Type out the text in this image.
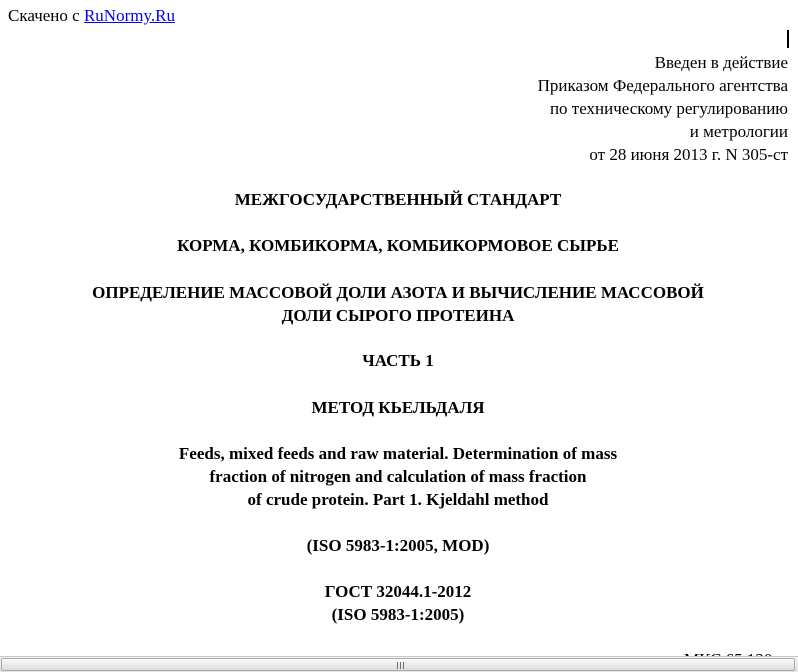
Скачено с RuNormy.Ru
Введен в действие
Приказом Федерального агентства
по техническому регулированию
и метрологии
от 28 июня 2013 г. N 305-ст
МЕЖГОСУДАРСТВЕННЫЙ СТАНДАРТ
КОРМА, КОМБИКОРМА, КОМБИКОРМОВОЕ СЫРЬЕ
ОПРЕДЕЛЕНИЕ МАССОВОЙ ДОЛИ АЗОТА И ВЫЧИСЛЕНИЕ МАССОВОЙ
ДОЛИ СЫРОГО ПРОТЕИНА
ЧАСТЬ 1
МЕТОД КЬЕЛЬДАЛЯ
Feeds, mixed feeds and raw material. Determination of mass
fraction of nitrogen and calculation of mass fraction
of crude protein. Part 1. Kjeldahl method
(ISO 5983-1:2005, MOD)
ГОСТ 32044.1-2012
(ISO 5983-1:2005)
